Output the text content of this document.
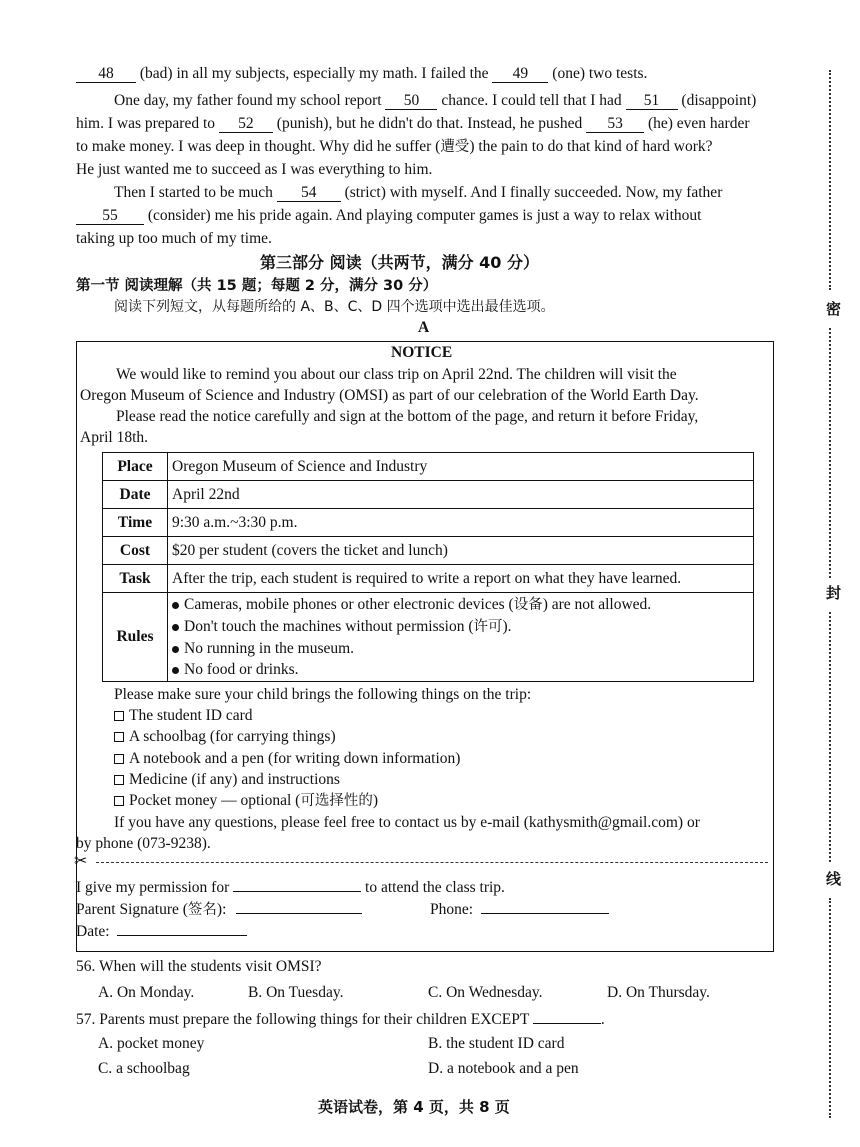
48 (bad) in all my subjects, especially my math. I failed the 49 (one) two tests.
One day, my father found my school report 50 chance. I could tell that I had 51 (disappoint)
him. I was prepared to 52 (punish), but he didn't do that. Instead, he pushed 53 (he) even harder
to make money. I was deep in thought. Why did he suffer (遭受) the pain to do that kind of hard work?
He just wanted me to succeed as I was everything to him.
Then I started to be much 54 (strict) with myself. And I finally succeeded. Now, my father
55 (consider) me his pride again. And playing computer games is just a way to relax without
taking up too much of my time.
第三部分 阅读（共两节，满分 40 分）
第一节 阅读理解（共 15 题；每题 2 分，满分 30 分）
阅读下列短文，从每题所给的 A、B、C、D 四个选项中选出最佳选项。
A
NOTICE
We would like to remind you about our class trip on April 22nd. The children will visit the
Oregon Museum of Science and Industry (OMSI) as part of our celebration of the World Earth Day.
Please read the notice carefully and sign at the bottom of the page, and return it before Friday,
April 18th.
Place	Oregon Museum of Science and Industry
Date	April 22nd
Time	9:30 a.m.~3:30 p.m.
Cost	$20 per student (covers the ticket and lunch)
Task	After the trip, each student is required to write a report on what they have learned.
Rules	Cameras, mobile phones or other electronic devices (设备) are not allowed.
Don't touch the machines without permission (许可).
No running in the museum.
No food or drinks.
Please make sure your child brings the following things on the trip:
The student ID card
A schoolbag (for carrying things)
A notebook and a pen (for writing down information)
Medicine (if any) and instructions
Pocket money — optional (可选择性的)
If you have any questions, please feel free to contact us by e-mail (kathysmith@gmail.com) or
by phone (073-9238).
✂
I give my permission for	to attend the class trip.
Parent Signature (签名):	Phone:
Date:
56. When will the students visit OMSI?
A. On Monday.	B. On Tuesday.	C. On Wednesday.	D. On Thursday.
57. Parents must prepare the following things for their children EXCEPT	.
A. pocket money	B. the student ID card
C. a schoolbag	D. a notebook and a pen
英语试卷，第 4 页，共 8 页
密
封
线
